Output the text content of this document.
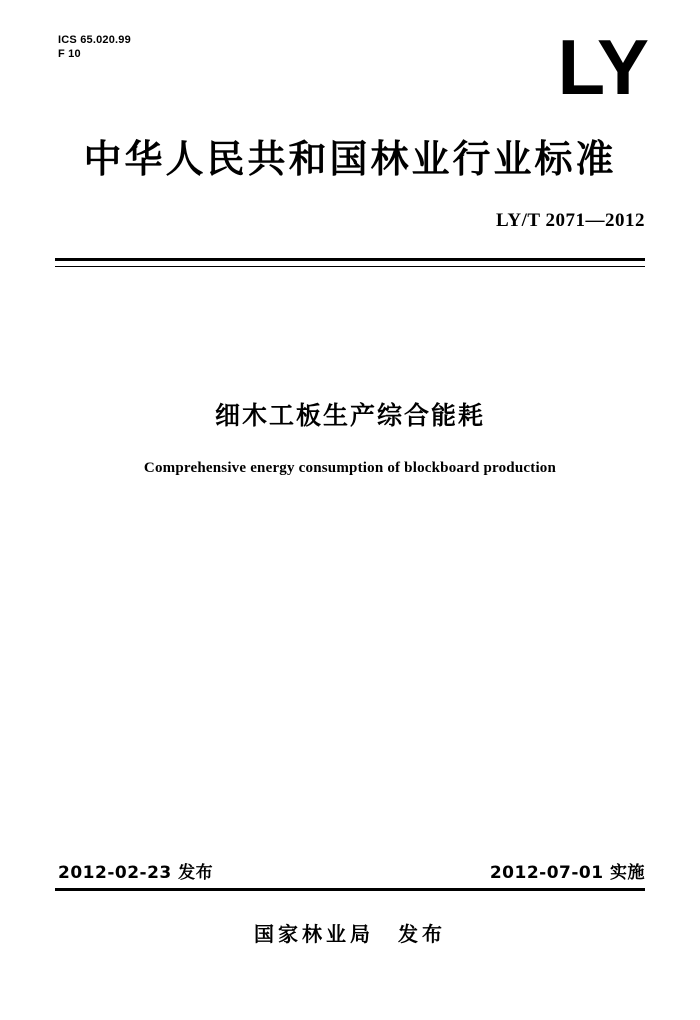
ICS 65.020.99
F 10	LY
中华人民共和国林业行业标准
LY/T 2071—2012
细木工板生产综合能耗
Comprehensive energy consumption of blockboard production
2012-02-23 发布	2012-07-01 实施
国家林业局　发布
